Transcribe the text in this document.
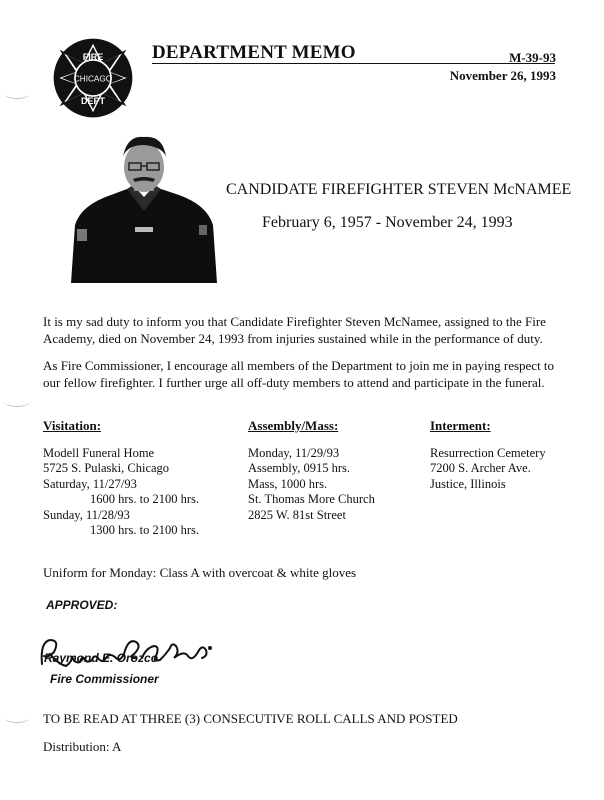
FIRE
CHICAGO
DEPT
DEPARTMENT MEMO	M-39-93
November 26, 1993
CANDIDATE FIREFIGHTER STEVEN McNAMEE
February 6, 1957 - November 24, 1993
It is my sad duty to inform you that Candidate Firefighter Steven McNamee, assigned to the Fire Academy, died on November 24, 1993 from injuries sustained while in the performance of duty.
As Fire Commissioner, I encourage all members of the Department to join me in paying respect to our fellow firefighter. I further urge all off-duty members to attend and participate in the funeral.
Visitation:
Modell Funeral Home
5725 S. Pulaski, Chicago
Saturday, 11/27/93
1600 hrs. to 2100 hrs.
Sunday, 11/28/93
1300 hrs. to 2100 hrs.
Assembly/Mass:
Monday, 11/29/93
Assembly, 0915 hrs.
Mass, 1000 hrs.
St. Thomas More Church
2825 W. 81st Street
Interment:
Resurrection Cemetery
7200 S. Archer Ave.
Justice, Illinois
Uniform for Monday: Class A with overcoat & white gloves
APPROVED:
Raymond E. Orozco
Fire Commissioner
TO BE READ AT THREE (3) CONSECUTIVE ROLL CALLS AND POSTED
Distribution: A
